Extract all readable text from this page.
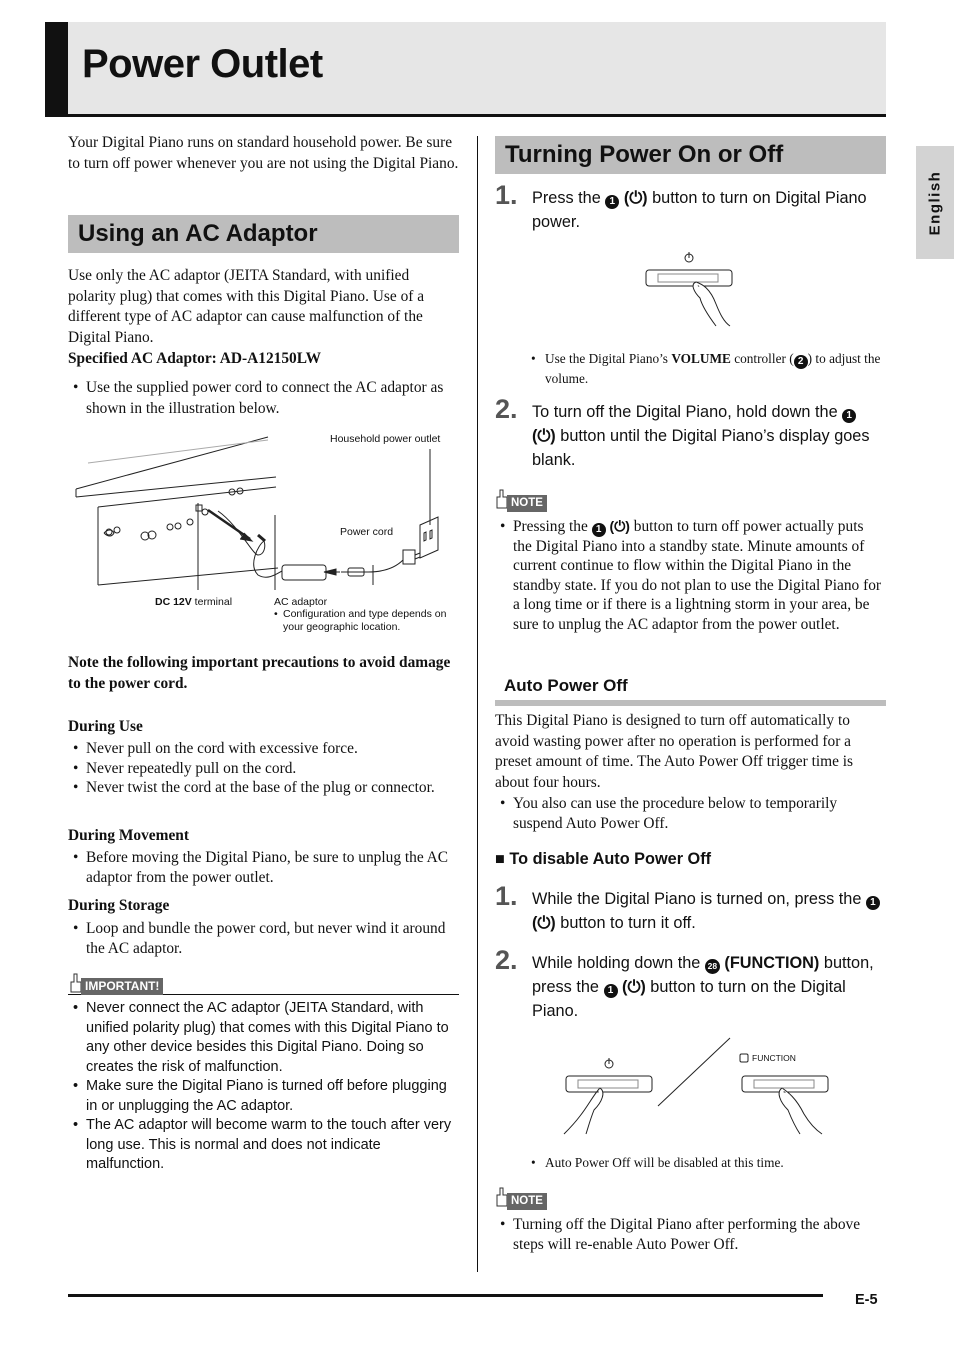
Power Outlet
English
Your Digital Piano runs on standard household power. Be sure to turn off power whenever you are not using the Digital Piano.
Using an AC Adaptor
Use only the AC adaptor (JEITA Standard, with unified polarity plug) that comes with this Digital Piano. Use of a different type of AC adaptor can cause malfunction of the Digital Piano.
Specified AC Adaptor: AD-A12150LW
• Use the supplied power cord to connect the AC adaptor as shown in the illustration below.
Household power outlet
Power cord
DC 12V terminal	AC adaptor
• Configuration and type depends on your geographic location.
Note the following important precautions to avoid damage to the power cord.
During Use
• Never pull on the cord with excessive force.
• Never repeatedly pull on the cord.
• Never twist the cord at the base of the plug or connector.
During Movement
• Before moving the Digital Piano, be sure to unplug the AC adaptor from the power outlet.
During Storage
• Loop and bundle the power cord, but never wind it around the AC adaptor.
IMPORTANT!
• Never connect the AC adaptor (JEITA Standard, with unified polarity plug) that comes with this Digital Piano to any other device besides this Digital Piano. Doing so creates the risk of malfunction.
• Make sure the Digital Piano is turned off before plugging in or unplugging the AC adaptor.
• The AC adaptor will become warm to the touch after very long use. This is normal and does not indicate malfunction.
Turning Power On or Off
1. Press the 1 (⏻) button to turn on Digital Piano power.
• Use the Digital Piano’s VOLUME controller ( 2 ) to adjust the volume.
2. To turn off the Digital Piano, hold down the 1 (⏻) button until the Digital Piano’s display goes blank.
NOTE
• Pressing the 1 (⏻) button to turn off power actually puts the Digital Piano into a standby state. Minute amounts of current continue to flow within the Digital Piano in the standby state. If you do not plan to use the Digital Piano for a long time or if there is a lightning storm in your area, be sure to unplug the AC adaptor from the power outlet.
Auto Power Off
This Digital Piano is designed to turn off automatically to avoid wasting power after no operation is performed for a preset amount of time. The Auto Power Off trigger time is about four hours.
• You also can use the procedure below to temporarily suspend Auto Power Off.
■ To disable Auto Power Off
1. While the Digital Piano is turned on, press the 1 (⏻) button to turn it off.
2. While holding down the 28 (FUNCTION) button, press the 1 (⏻) button to turn on the Digital Piano.
FUNCTION
• Auto Power Off will be disabled at this time.
NOTE
• Turning off the Digital Piano after performing the above steps will re-enable Auto Power Off.
E-5
